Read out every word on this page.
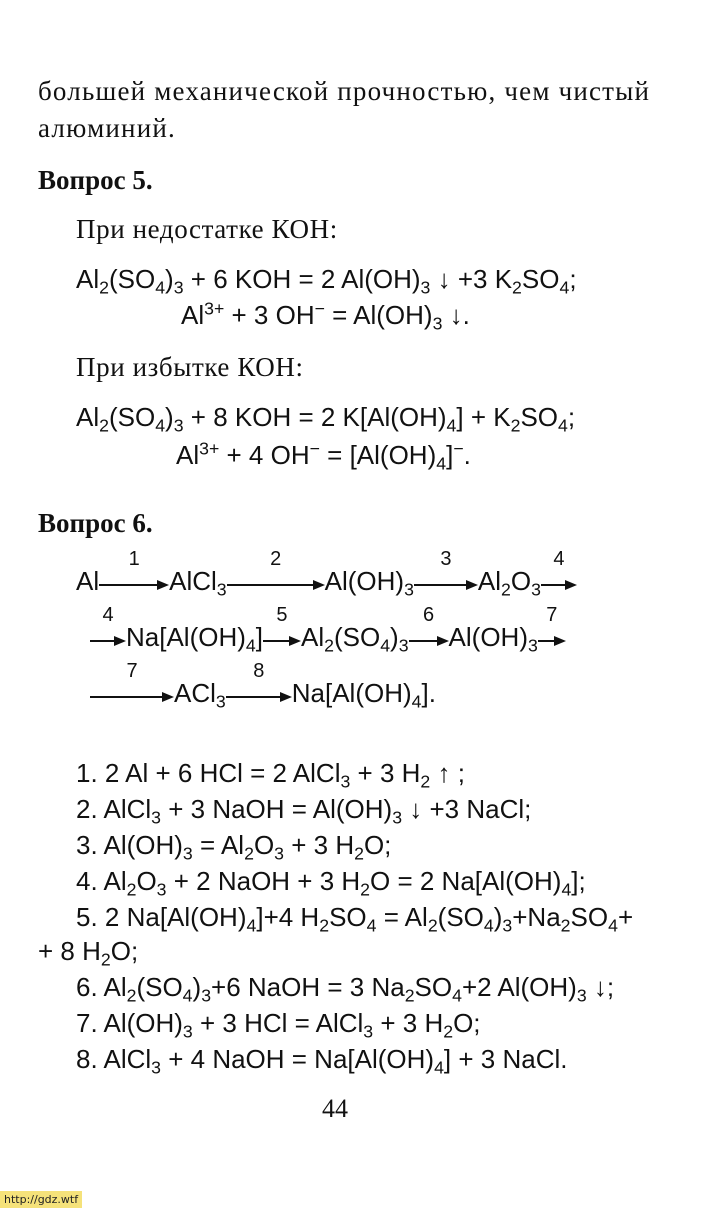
большей механической прочностью, чем чистый
алюминий.
Вопрос 5.
При недостатке КОН:
$Al_2(SO_4)_3 + 6$ KOH = 2 $Al(OH)_3$ ↓ +3 $K_2SO_4$;
$Al^{3+} + 3$ $OH^- = Al(OH)_3$ ↓.
При избытке КОН:
$Al_2(SO_4)_3 + 8$ KOH = 2 $K[Al(OH)_4] + K_2SO_4$;
$Al^{3+} + 4$ $OH^- = [Al(OH)_4]^-$.
Вопрос 6.
Al
1
AlCl$_3$
2
$Al(OH)_3$
3
$Al_2O_3$
4
4
$Na[Al(OH)_4]$
5
$Al_2(SO_4)_3$
6
$Al(OH)_3$
7
7
ACl$_3$
8
$Na[Al(OH)_4]$.
1. 2 Al + 6 HCl = 2 AlCl$_3$ + 3 $H_2$ ↑ ;
2. AlCl$_3$ + 3 NaOH = $Al(OH)_3$ ↓ +3 NaCl;
3. $Al(OH)_3 = Al_2O_3 + 3$ $H_2O$;
4. $Al_2O_3 + 2$ NaOH + 3 $H_2O = 2$ $Na[Al(OH)_4]$;
5. 2 $Na[Al(OH)_4]+4$ $H_2SO_4 = Al_2(SO_4)_3+Na_2SO_4+$
+ 8 $H_2O$;
6. $Al_2(SO_4)_3+6$ NaOH = 3 $Na_2SO_4+2$ $Al(OH)_3$ ↓;
7. $Al(OH)_3 + 3$ HCl = AlCl$_3$ + 3 $H_2O$;
8. AlCl$_3$ + 4 NaOH = $Na[Al(OH)_4] + 3$ NaCl.
44
http://gdz.wtf
